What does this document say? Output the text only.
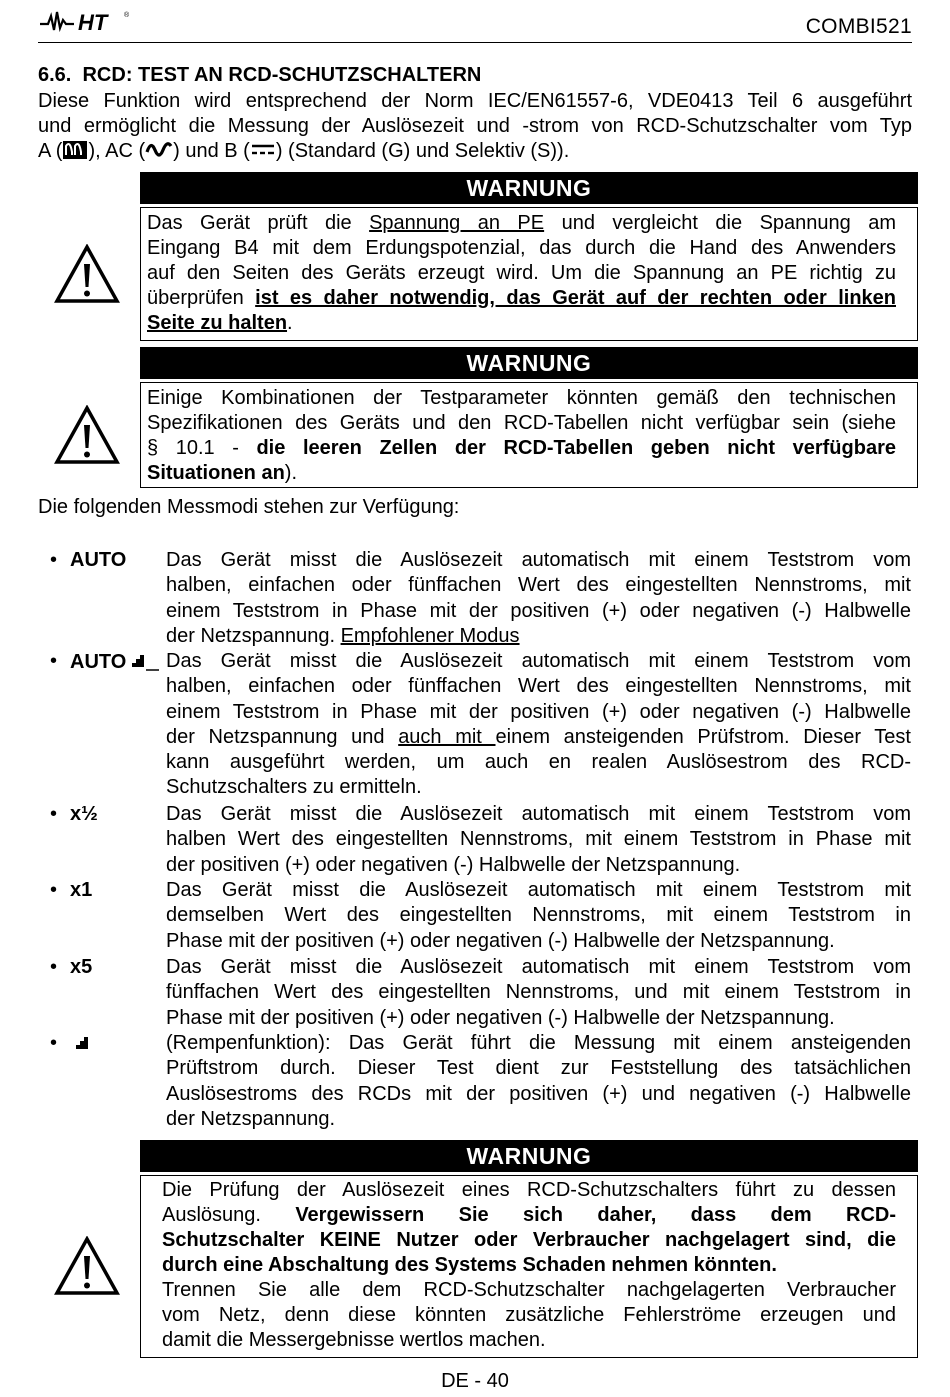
HT ®	COMBI521
6.6. RCD: TEST AN RCD-SCHUTZSCHALTERN
Diese Funktion wird entsprechend der Norm IEC/EN61557-6, VDE0413 Teil 6 ausgeführt
und ermöglicht die Messung der Auslösezeit und -strom von RCD-Schutzschalter vom Typ
A ( ), AC ( ) und B ( ) (Standard (G) und Selektiv (S)).
WARNUNG
Das Gerät prüft die Spannung an PE und vergleicht die Spannung am
Eingang B4 mit dem Erdungspotenzial, das durch die Hand des Anwenders
auf den Seiten des Geräts erzeugt wird. Um die Spannung an PE richtig zu
überprüfen ist es daher notwendig, das Gerät auf der rechten oder linken
Seite zu halten.
WARNUNG
Einige Kombinationen der Testparameter könnten gemäß den technischen
Spezifikationen des Geräts und den RCD-Tabellen nicht verfügbar sein (siehe
§ 10.1 - die leeren Zellen der RCD-Tabellen geben nicht verfügbare
Situationen an).
Die folgenden Messmodi stehen zur Verfügung:
• AUTO Das Gerät misst die Auslösezeit automatisch mit einem Teststrom vom
halben, einfachen oder fünffachen Wert des eingestellten Nennstroms, mit
einem Teststrom in Phase mit der positiven (+) oder negativen (-) Halbwelle
der Netzspannung. Empfohlener Modus
• AUTO	Das Gerät misst die Auslösezeit automatisch mit einem Teststrom vom
halben, einfachen oder fünffachen Wert des eingestellten Nennstroms, mit
einem Teststrom in Phase mit der positiven (+) oder negativen (-) Halbwelle
der Netzspannung und auch mit einem ansteigenden Prüfstrom. Dieser Test
kann ausgeführt werden, um auch en realen Auslösestrom des RCD-
Schutzschalters zu ermitteln.
• x½	Das Gerät misst die Auslösezeit automatisch mit einem Teststrom vom
halben Wert des eingestellten Nennstroms, mit einem Teststrom in Phase mit
der positiven (+) oder negativen (-) Halbwelle der Netzspannung.
• x1	Das Gerät misst die Auslösezeit automatisch mit einem Teststrom mit
demselben Wert des eingestellten Nennstroms, mit einem Teststrom in
Phase mit der positiven (+) oder negativen (-) Halbwelle der Netzspannung.
• x5	Das Gerät misst die Auslösezeit automatisch mit einem Teststrom vom
fünffachen Wert des eingestellten Nennstroms, und mit einem Teststrom in
Phase mit der positiven (+) oder negativen (-) Halbwelle der Netzspannung.
•	(Rempenfunktion): Das Gerät führt die Messung mit einem ansteigenden
Prüftstrom durch. Dieser Test dient zur Feststellung des tatsächlichen
Auslösestroms des RCDs mit der positiven (+) und negativen (-) Halbwelle
der Netzspannung.
WARNUNG
Die Prüfung der Auslösezeit eines RCD-Schutzschalters führt zu dessen
Auslösung. Vergewissern Sie sich daher, dass dem RCD-
Schutzschalter KEINE Nutzer oder Verbraucher nachgelagert sind, die
durch eine Abschaltung des Systems Schaden nehmen könnten.
Trennen Sie alle dem RCD-Schutzschalter nachgelagerten Verbraucher
vom Netz, denn diese könnten zusätzliche Fehlerströme erzeugen und
damit die Messergebnisse wertlos machen.
DE - 40
